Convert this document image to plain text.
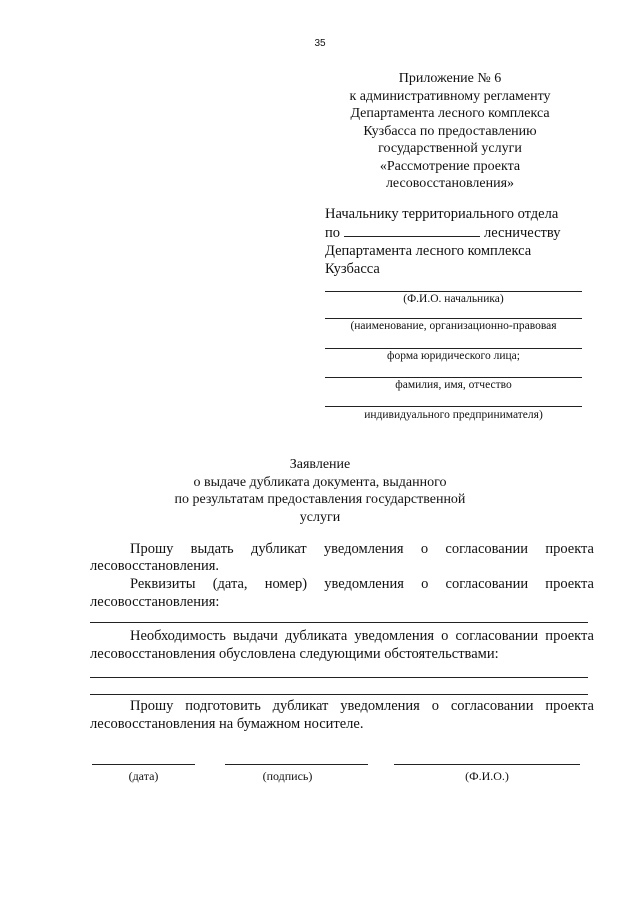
35
Приложение № 6
к административному регламенту
Департамента лесного комплекса
Кузбасса по предоставлению
государственной услуги
«Рассмотрение проекта
лесовосстановления»
Начальнику территориального отдела
по	лесничеству
Департамента лесного комплекса
Кузбасса
(Ф.И.О. начальника)
(наименование, организационно-правовая
форма юридического лица;
фамилия, имя, отчество
индивидуального предпринимателя)
Заявление
о выдаче дубликата документа, выданного
по результатам предоставления государственной
услуги
Прошу выдать дубликат уведомления о согласовании проекта
лесовосстановления.
Реквизиты (дата, номер) уведомления о согласовании проекта
лесовосстановления:
Необходимость выдачи дубликата уведомления о согласовании проекта
лесовосстановления обусловлена следующими обстоятельствами:
Прошу подготовить дубликат уведомления о согласовании проекта
лесовосстановления на бумажном носителе.
(дата)	(подпись)	(Ф.И.О.)
